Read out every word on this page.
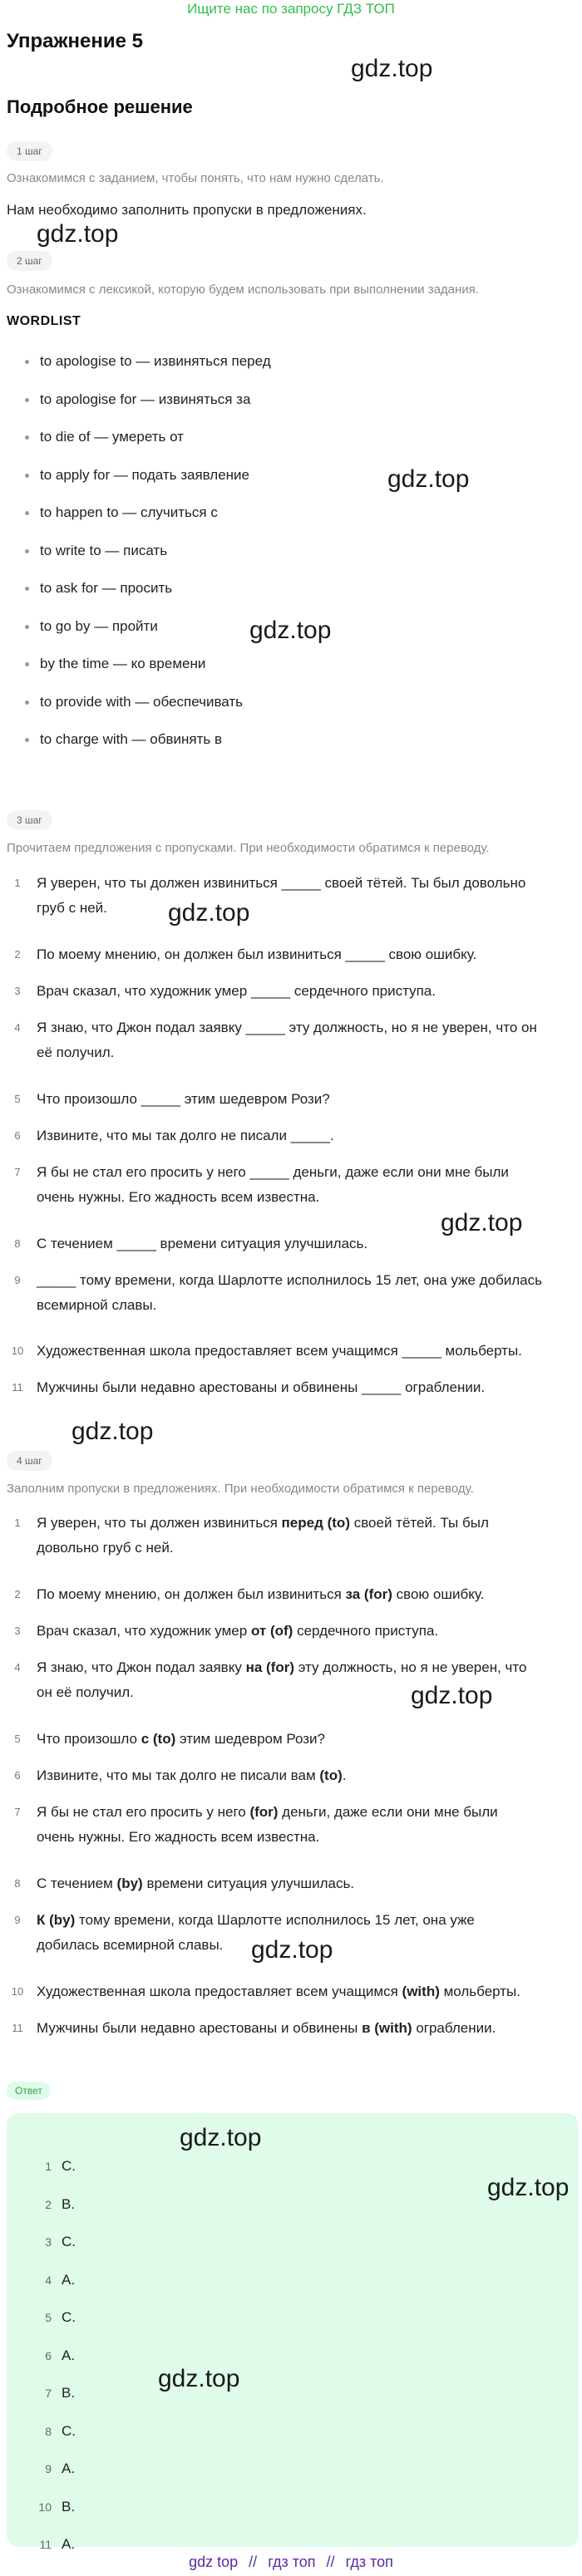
Ищите нас по запросу ГДЗ ТОП
Упражнение 5
Подробное решение
1 шаг
Ознакомимся с заданием, чтобы понять, что нам нужно сделать.
Нам необходимо заполнить пропуски в предложениях.
2 шаг
Ознакомимся с лексикой, которую будем использовать при выполнении задания.
WORDLIST
to apologise to — извиняться перед
to apologise for — извиняться за
to die of — умереть от
to apply for — подать заявление
to happen to — случиться с
to write to — писать
to ask for — просить
to go by — пройти
by the time — ко времени
to provide with — обеспечивать
to charge with — обвинять в
3 шаг
Прочитаем предложения с пропусками. При необходимости обратимся к переводу.
1	Я уверен, что ты должен извиниться _____ своей тётей. Ты был довольно
груб с ней.
2	По моему мнению, он должен был извиниться _____ свою ошибку.
3	Врач сказал, что художник умер _____ сердечного приступа.
4	Я знаю, что Джон подал заявку _____ эту должность, но я не уверен, что он
её получил.
5	Что произошло _____ этим шедевром Рози?
6	Извините, что мы так долго не писали _____.
7	Я бы не стал его просить у него _____ деньги, даже если они мне были
очень нужны. Его жадность всем известна.
8	С течением _____ времени ситуация улучшилась.
9	_____ тому времени, когда Шарлотте исполнилось 15 лет, она уже добилась
всемирной славы.
10 Художественная школа предоставляет всем учащимся _____ мольберты.
11 Мужчины были недавно арестованы и обвинены _____ ограблении.
4 шаг
Заполним пропуски в предложениях. При необходимости обратимся к переводу.
1	Я уверен, что ты должен извиниться перед (to) своей тётей. Ты был
довольно груб с ней.
2	По моему мнению, он должен был извиниться за (for) свою ошибку.
3	Врач сказал, что художник умер от (of) сердечного приступа.
4	Я знаю, что Джон подал заявку на (for) эту должность, но я не уверен, что
он её получил.
5	Что произошло с (to) этим шедевром Рози?
6	Извините, что мы так долго не писали вам (to).
7	Я бы не стал его просить у него (for) деньги, даже если они мне были
очень нужны. Его жадность всем известна.
8	С течением (by) времени ситуация улучшилась.
9	К (by) тому времени, когда Шарлотте исполнилось 15 лет, она уже
добилась всемирной славы.
10 Художественная школа предоставляет всем учащимся (with) мольберты.
11 Мужчины были недавно арестованы и обвинены в (with) ограблении.
Ответ
1 C.
2 B.
3 C.
4 A.
5 C.
6 A.
7 B.
8 C.
9 A.
10 B.
11 A.
gdz.top
gdz.top
gdz.top
gdz.top
gdz.top
gdz.top
gdz.top
gdz.top
gdz.top
gdz.top
gdz.top
gdz.top
gdz top // гдз топ // гдз топ
